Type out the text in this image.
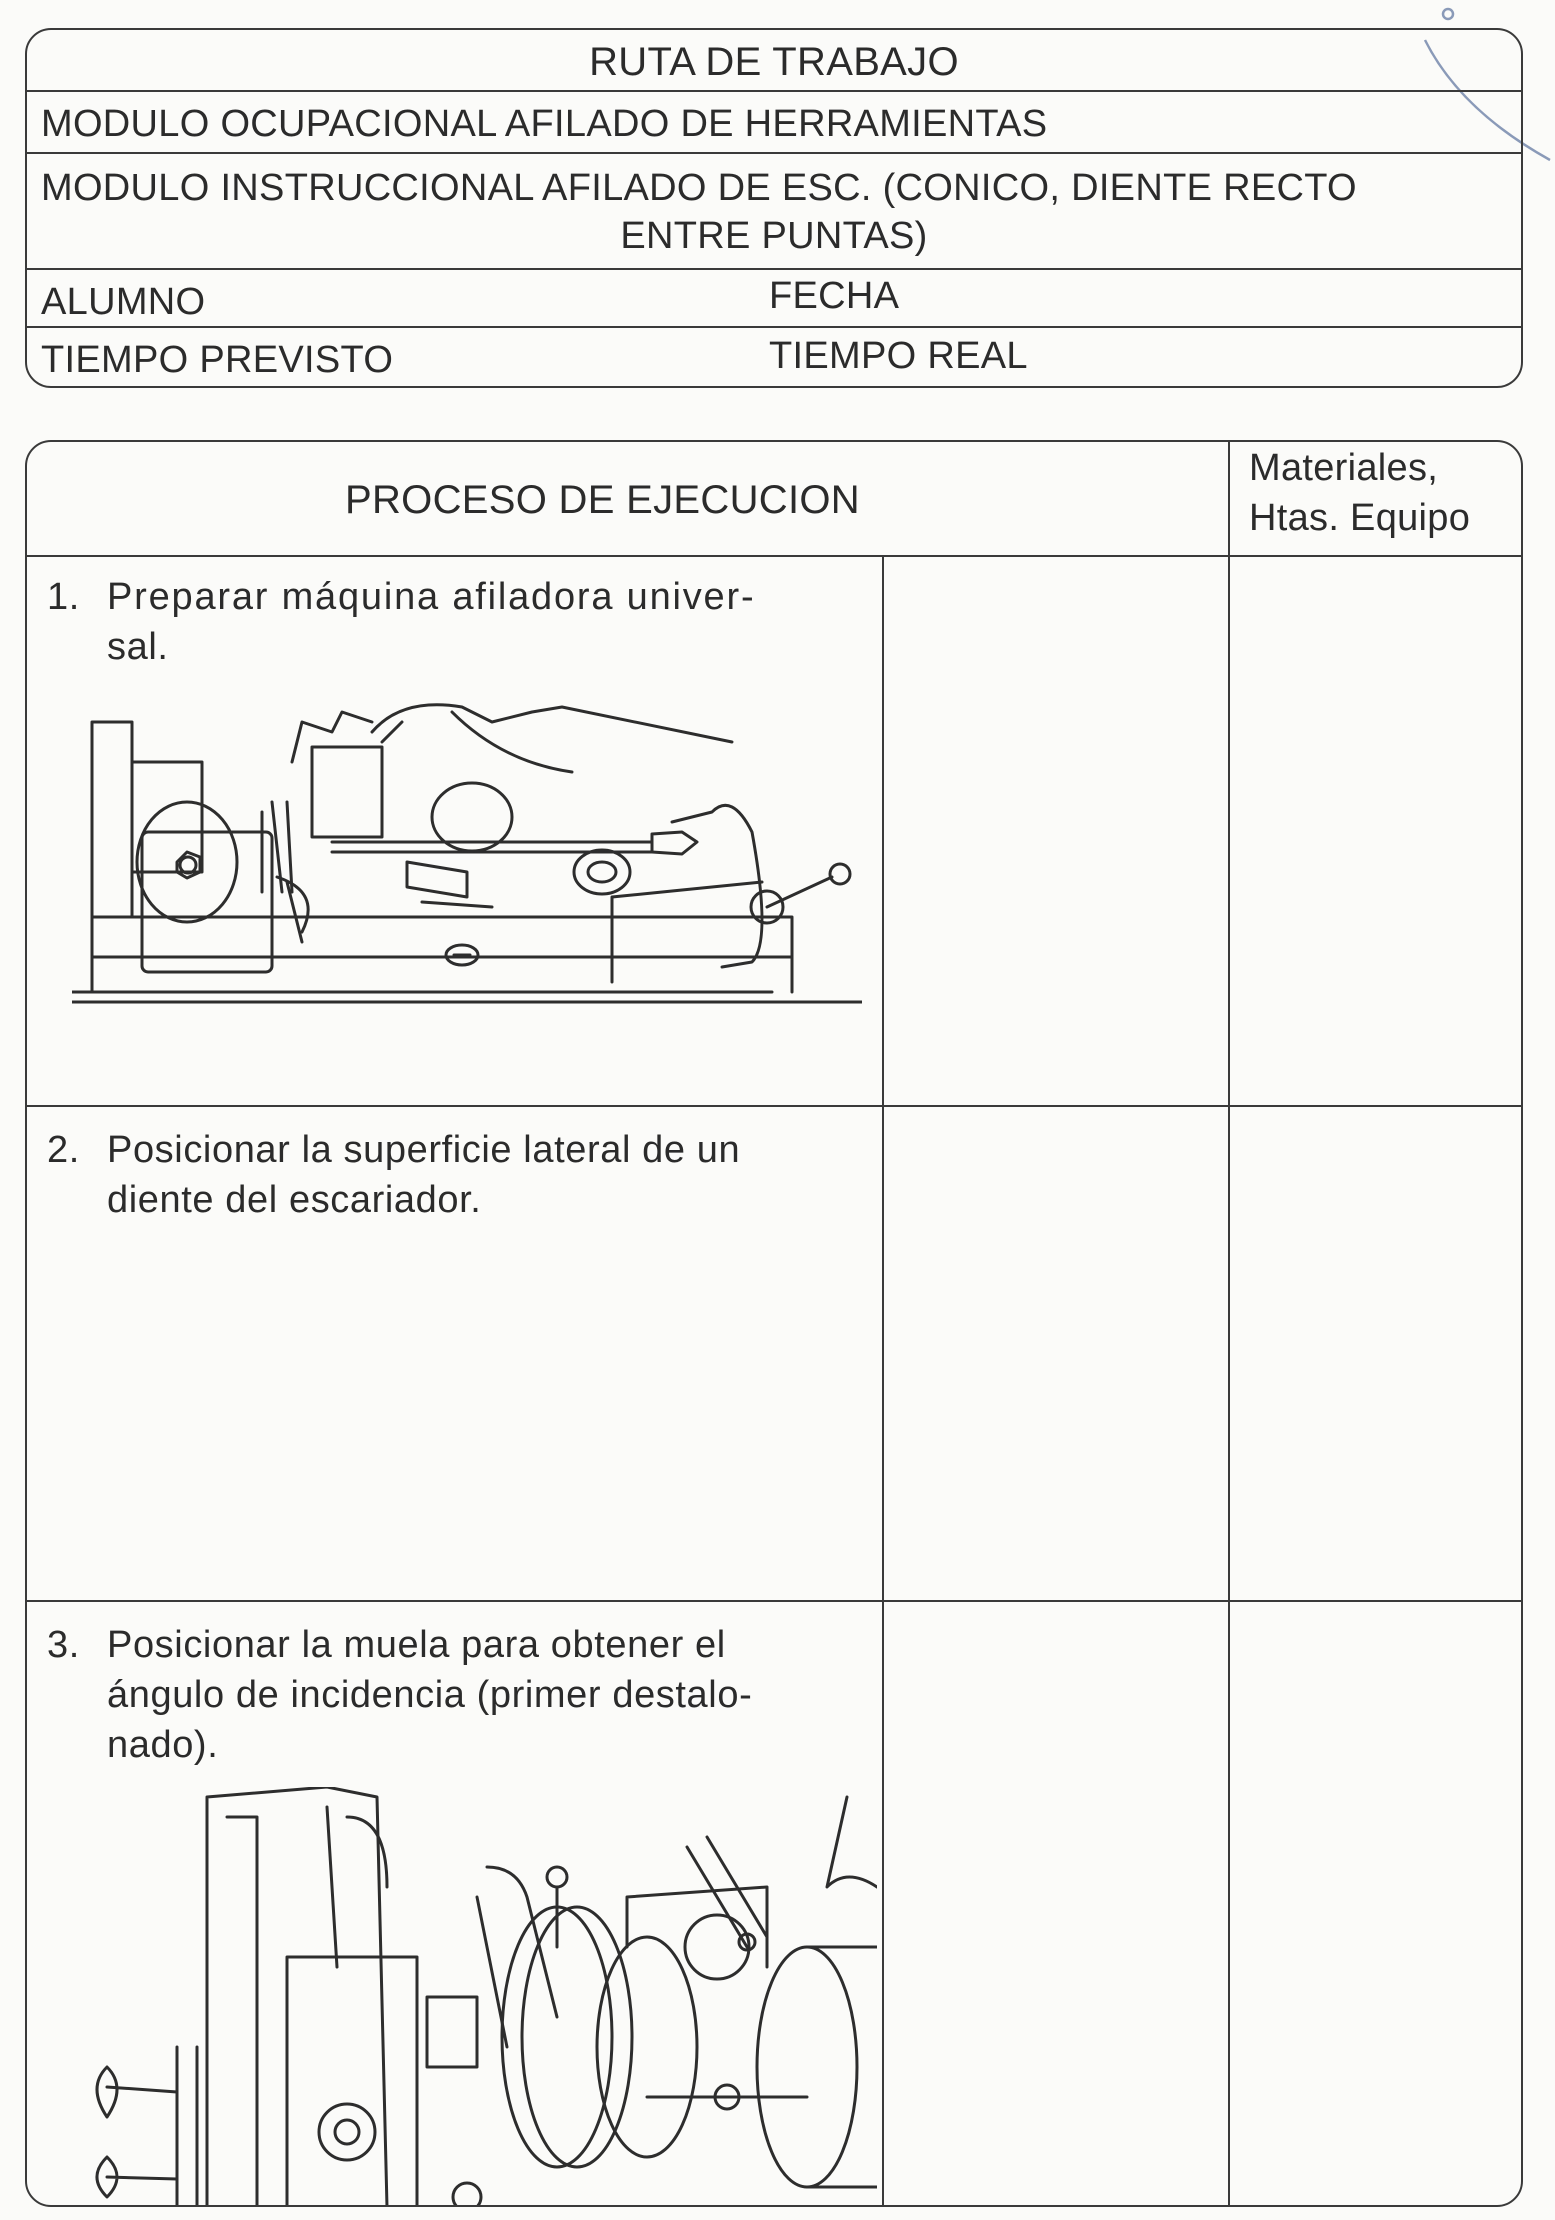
RUTA DE TRABAJO
MODULO OCUPACIONAL AFILADO DE HERRAMIENTAS
MODULO INSTRUCCIONAL AFILADO DE ESC. (CONICO, DIENTE RECTO
ENTRE PUNTAS)
ALUMNO	FECHA
TIEMPO PREVISTO	TIEMPO REAL
PROCESO DE EJECUCION
Materiales,
Htas. Equipo
1. Preparar máquina afiladora univer-
sal.
2. Posicionar la superficie lateral de un
diente del escariador.
3. Posicionar la muela para obtener el
ángulo de incidencia (primer destalo-
nado).
